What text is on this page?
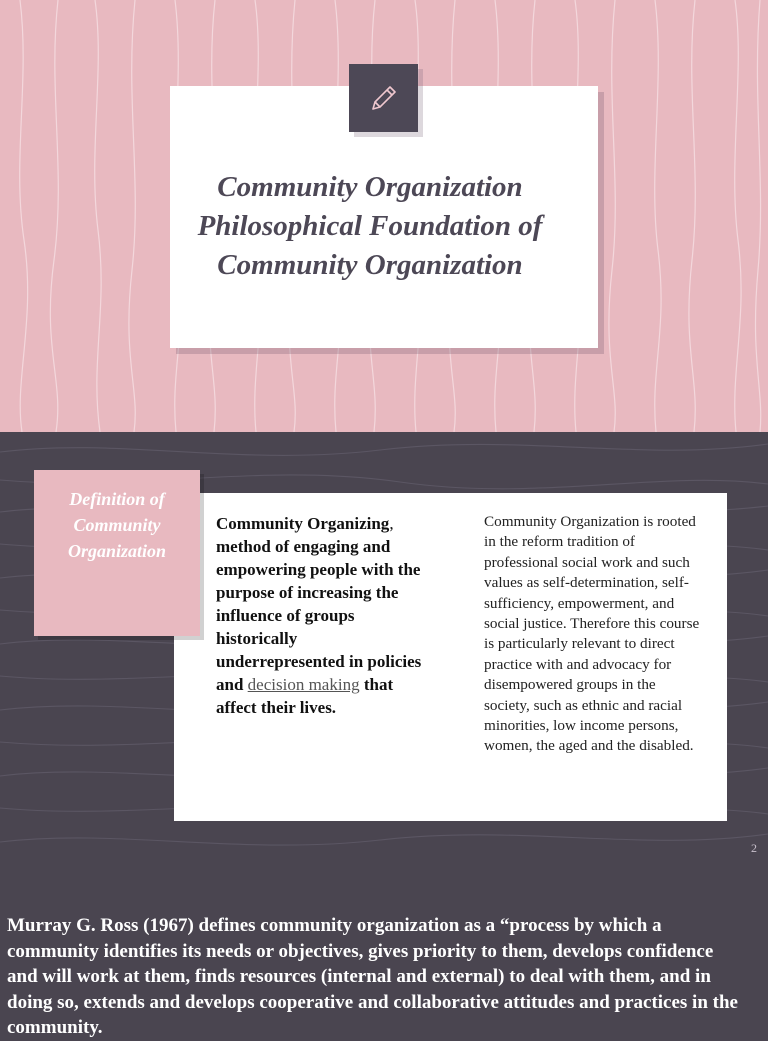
Community Organization
Philosophical Foundation of
Community Organization
Definition of
Community
Organization
Community Organizing, method of engaging and empowering people with the purpose of increasing the influence of groups historically underrepresented in policies and decision making that affect their lives.
Community Organization is rooted in the reform tradition of professional social work and such values as self-determination, self-sufficiency, empowerment, and social justice. Therefore this course is particularly relevant to direct practice with and advocacy for disempowered groups in the society, such as ethnic and racial minorities, low income persons, women, the aged and the disabled.
2
Murray G. Ross (1967) defines community organization as a “process by which a community identifies its needs or objectives, gives priority to them, develops confidence and will work at them, finds resources (internal and external) to deal with them, and in doing so, extends and develops cooperative and collaborative attitudes and practices in the community.
